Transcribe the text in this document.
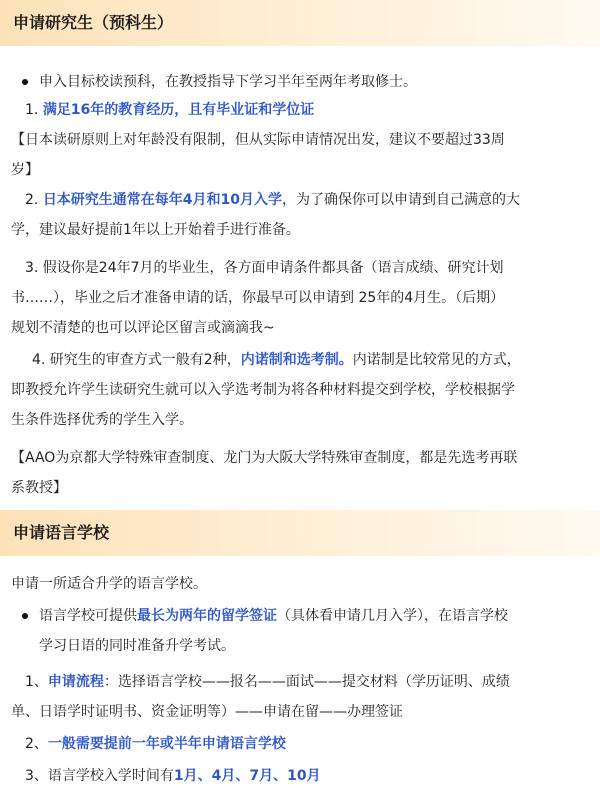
申请研究生（预科生）
申入目标校读预科，在教授指导下学习半年至两年考取修士。
1. 满足16年的教育经历，且有毕业证和学位证
【日本读研原则上对年龄没有限制，但从实际申请情况出发，建议不要超过33周
岁】
2. 日本研究生通常在每年4月和10月入学，为了确保你可以申请到自己满意的大
学，建议最好提前1年以上开始着手进行准备。
3. 假设你是24年7月的毕业生，各方面申请条件都具备（语言成绩、研究计划
书……），毕业之后才准备申请的话，你最早可以申请到 25年的4月生。（后期）
规划不清楚的也可以评论区留言或滴滴我~
4. 研究生的审查方式一般有2种，内诺制和选考制。内诺制是比较常见的方式，
即教授允许学生读研究生就可以入学选考制为将各种材料提交到学校，学校根据学
生条件选择优秀的学生入学。
【AAO为京都大学特殊审查制度、龙门为大阪大学特殊审查制度，都是先选考再联
系教授】
申请语言学校
申请一所适合升学的语言学校。
语言学校可提供最长为两年的留学签证（具体看申请几月入学），在语言学校
学习日语的同时准备升学考试。
1、申请流程：选择语言学校——报名——面试——提交材料（学历证明、成绩
单、日语学时证明书、资金证明等）——申请在留——办理签证
2、一般需要提前一年或半年申请语言学校
3、语言学校入学时间有1月、4月、7月、10月
